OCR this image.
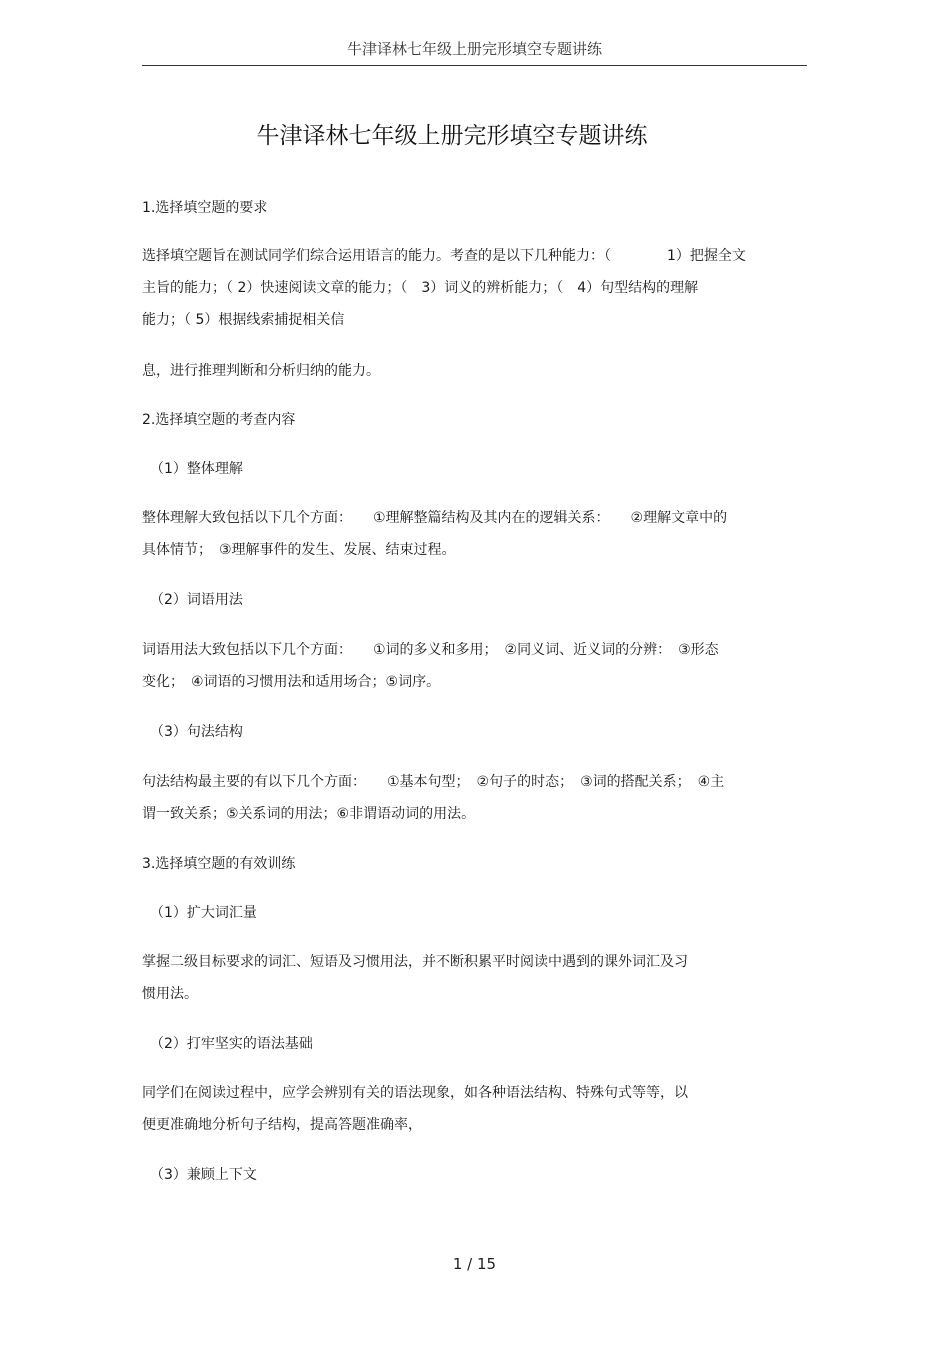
牛津译林七年级上册完形填空专题讲练
牛津译林七年级上册完形填空专题讲练
1.选择填空题的要求
选择填空题旨在测试同学们综合运用语言的能力。考查的是以下几种能力：（　　　　1）把握全文
主旨的能力；（ 2）快速阅读文章的能力；（　3）词义的辨析能力；（　4）句型结构的理解
能力；（ 5）根据线索捕捉相关信
息，进行推理判断和分析归纳的能力。
2.选择填空题的考查内容
（1）整体理解
整体理解大致包括以下几个方面：　　①理解整篇结构及其内在的逻辑关系：　　②理解文章中的
具体情节；　③理解事件的发生、发展、结束过程。
（2）词语用法
词语用法大致包括以下几个方面：　　①词的多义和多用；　②同义词、近义词的分辨：　③形态
变化；　④词语的习惯用法和适用场合；⑤词序。
（3）句法结构
句法结构最主要的有以下几个方面：　　①基本句型；　②句子的时态；　③词的搭配关系；　④主
谓一致关系；⑤关系词的用法；⑥非谓语动词的用法。
3.选择填空题的有效训练
（1）扩大词汇量
掌握二级目标要求的词汇、短语及习惯用法，并不断积累平时阅读中遇到的课外词汇及习
惯用法。
（2）打牢坚实的语法基础
同学们在阅读过程中，应学会辨别有关的语法现象，如各种语法结构、特殊句式等等，以
便更准确地分析句子结构，提高答题准确率，
（3）兼顾上下文
1 / 15
